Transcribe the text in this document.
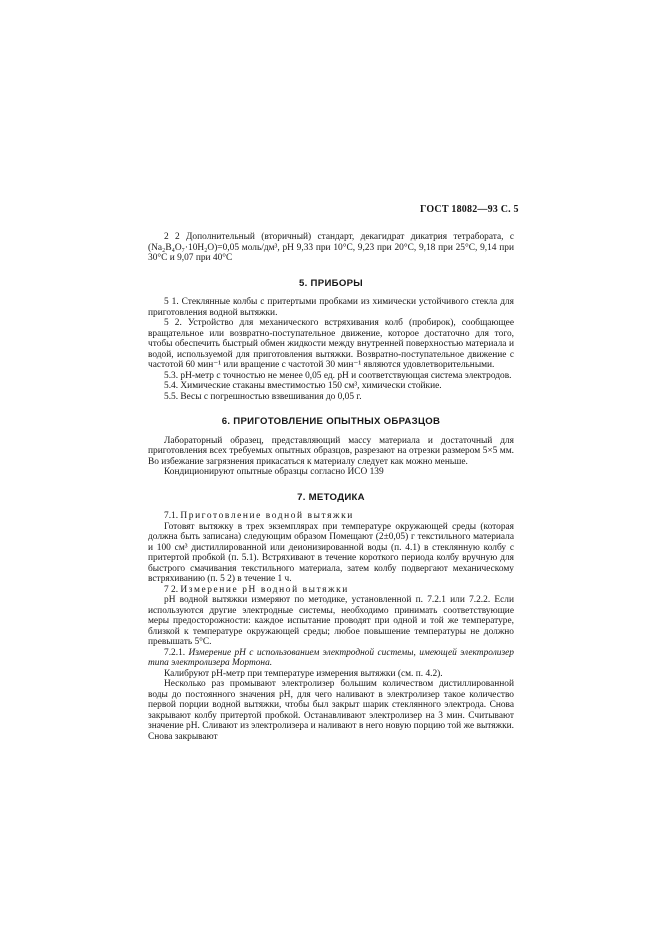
ГОСТ 18082—93 С. 5

2 2 Дополнительный (вторичный) стандарт, декагидрат дикатрия тетрабората, c (Na₂B₄O₇·10H₂O)=0,05 моль/дм³, pH 9,33 при 10°С, 9,23 при 20°С, 9,18 при 25°С, 9,14 при 30°С и 9,07 при 40°С

5. ПРИБОРЫ

5 1. Стеклянные колбы с притертыми пробками из химически устойчивого стекла для приготовления водной вытяжки.

5 2. Устройство для механического встряхивания колб (пробирок), сообщающее вращательное или возвратно-поступательное движение, которое достаточно для того, чтобы обеспечить быстрый обмен жидкости между внутренней поверхностью материала и водой, используемой для приготовления вытяжки. Возвратно-поступательное движение с частотой 60 мин⁻¹ или вращение с частотой 30 мин⁻¹ являются удовлетворительными.

5.3. pH-метр с точностью не менее 0,05 ед. pH и соответствующая система электродов.

5.4. Химические стаканы вместимостью 150 см³, химически стойкие.

5.5. Весы с погрешностью взвешивания до 0,05 г.

6. ПРИГОТОВЛЕНИЕ ОПЫТНЫХ ОБРАЗЦОВ

Лабораторный образец, представляющий массу материала и достаточный для приготовления всех требуемых опытных образцов, разрезают на отрезки размером 5×5 мм. Во избежание загрязнения прикасаться к материалу следует как можно меньше.

Кондиционируют опытные образцы согласно ИСО 139

7. МЕТОДИКА

7.1. Приготовление водной вытяжки

Готовят вытяжку в трех экземплярах при температуре окружающей среды (которая должна быть записана) следующим образом Помещают (2±0,05) г текстильного материала и 100 см³ дистиллированной или деионизированной воды (п. 4.1) в стеклянную колбу с притертой пробкой (п. 5.1). Встряхивают в течение короткого периода колбу вручную для быстрого смачивания текстильного материала, затем колбу подвергают механическому встряхиванию (п. 5 2) в течение 1 ч.

7 2. Измерение pH водной вытяжки

pH водной вытяжки измеряют по методике, установленной п. 7.2.1 или 7.2.2. Если используются другие электродные системы, необходимо принимать соответствующие меры предосторожности: каждое испытание проводят при одной и той же температуре, близкой к температуре окружающей среды; любое повышение температуры не должно превышать 5°С.

7.2.1. Измерение pH с использованием электродной системы, имеющей электролизер типа электролизера Мортона.

Калибруют pH-метр при температуре измерения вытяжки (см. п. 4.2).

Несколько раз промывают электролизер большим количеством дистиллированной воды до постоянного значения pH, для чего наливают в электролизер такое количество первой порции водной вытяжки, чтобы был закрыт шарик стеклянного электрода. Снова закрывают колбу притертой пробкой. Останавливают электролизер на 3 мин. Считывают значение pH. Сливают из электролизера и наливают в него новую порцию той же вытяжки. Снова закрывают
